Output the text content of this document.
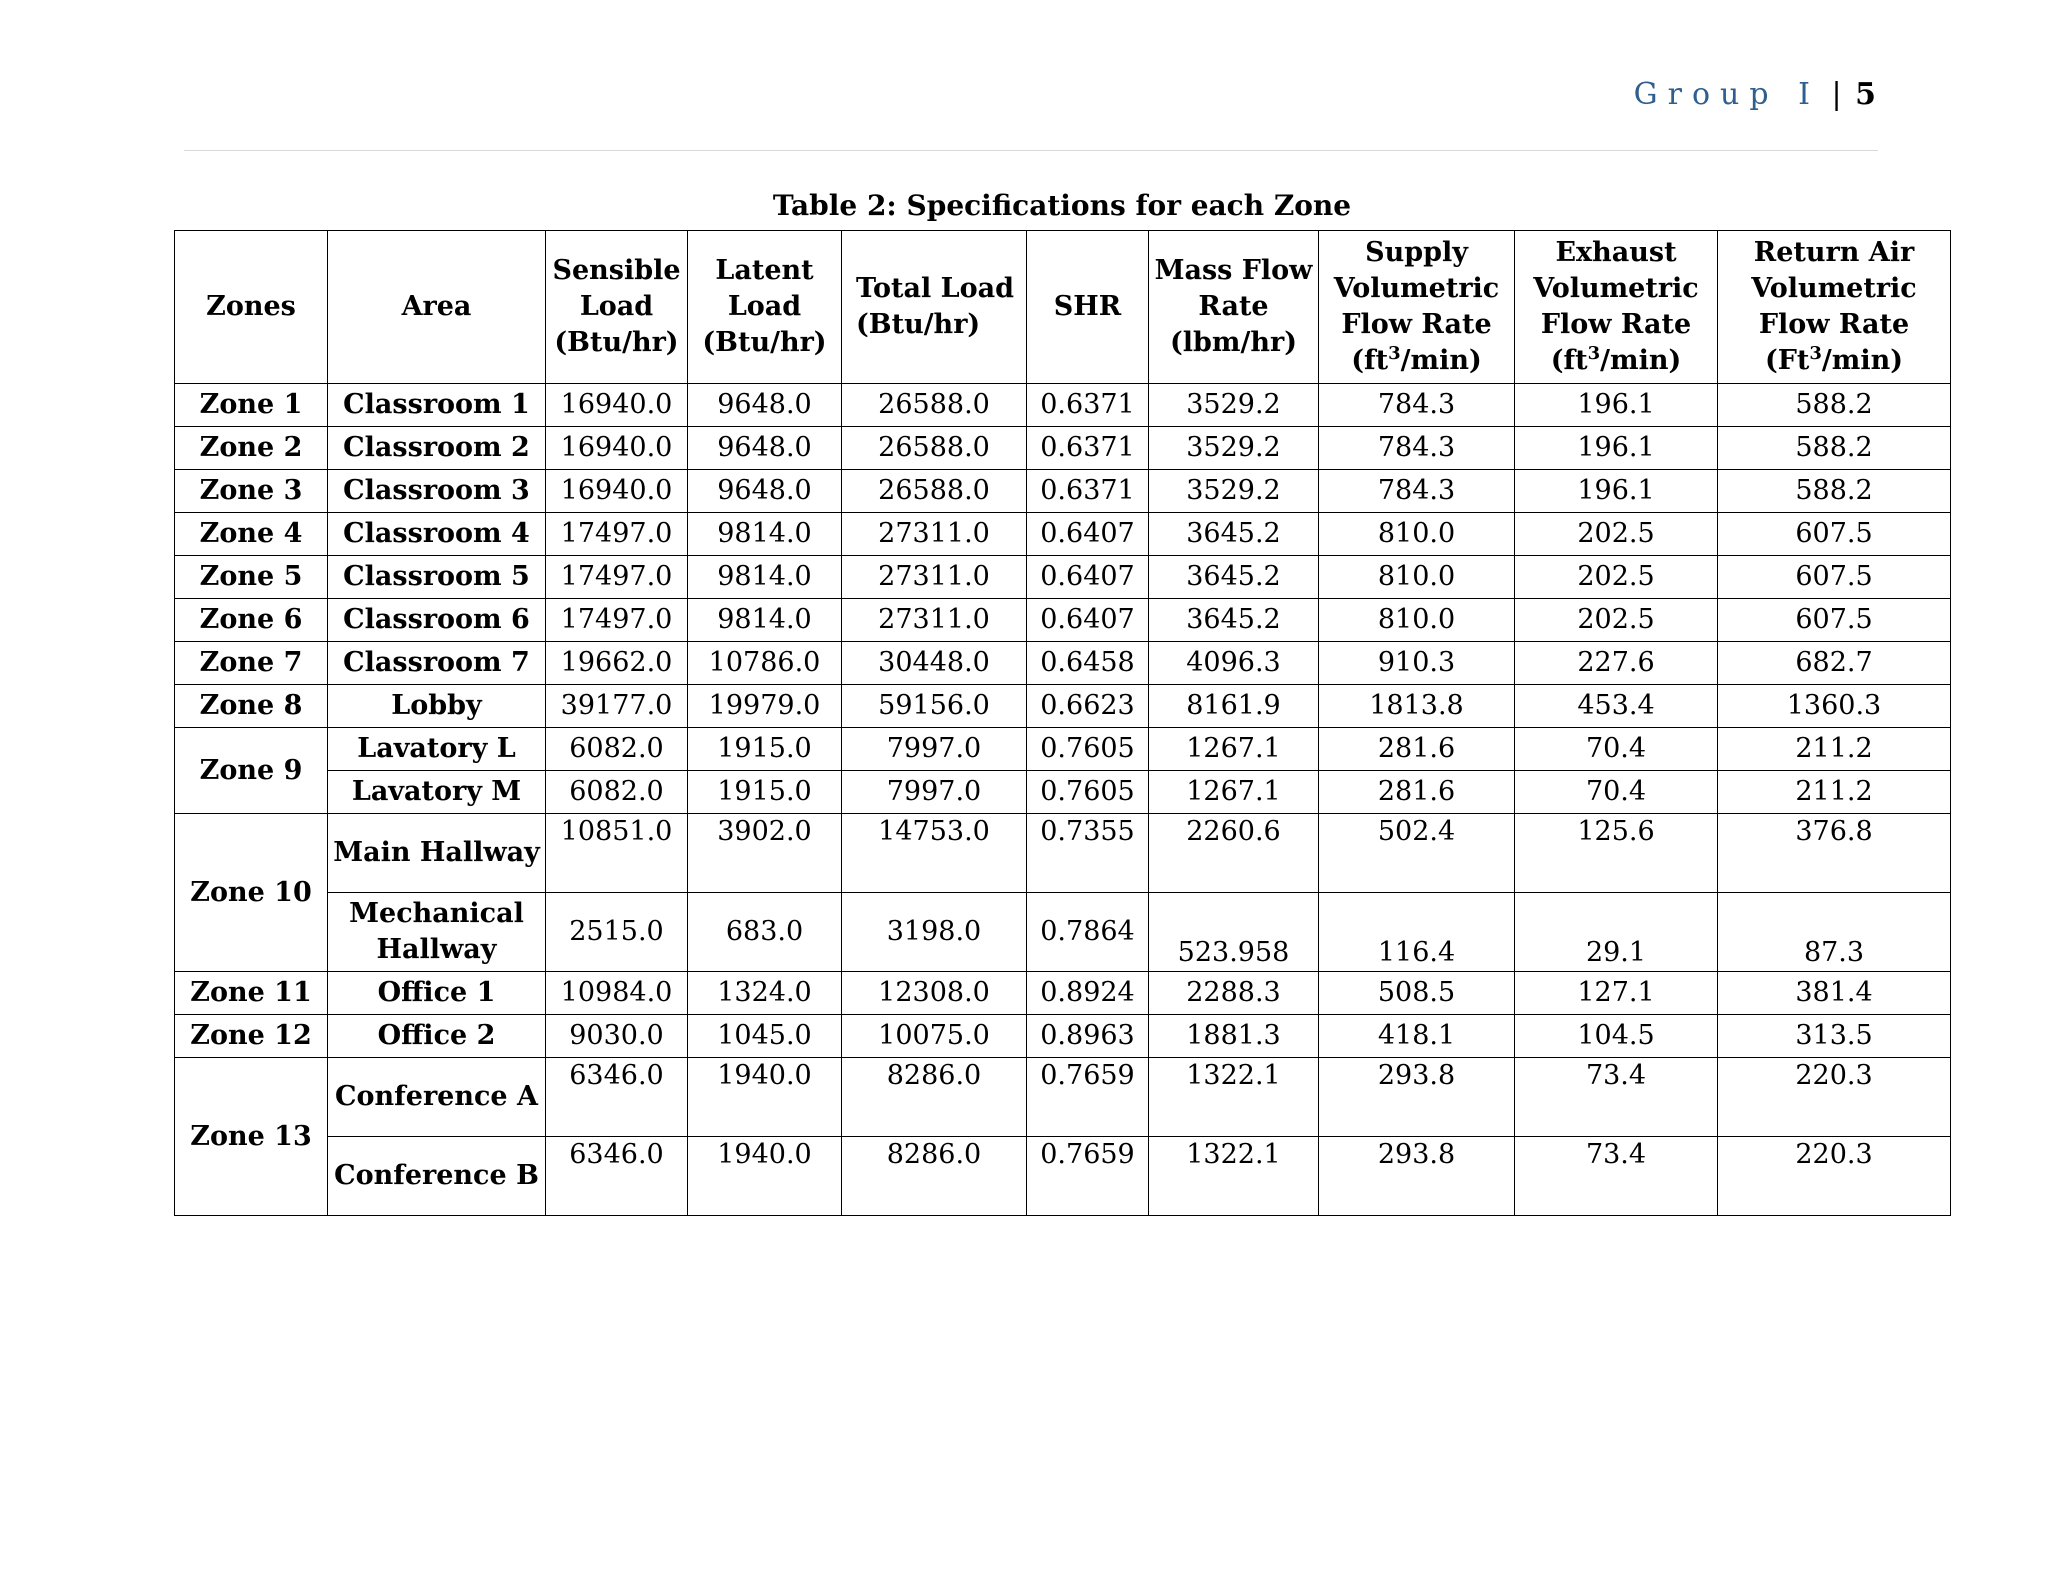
Group I | 5
Table 2: Specifications for each Zone
Zones	Area	Sensible
Load
(Btu/hr)	Latent
Load
(Btu/hr)	Total Load
(Btu/hr)	SHR	Mass Flow
Rate
(lbm/hr)	Supply
Volumetric
Flow Rate
$(ft^3/\min)$	Exhaust
Volumetric
Flow Rate
$(ft^3/\min)$	Return Air
Volumetric
Flow Rate
(Ft$^3$/min)
Zone 1	Classroom 1	16940.0	9648.0	26588.0	0.6371	3529.2	784.3	196.1	588.2
Zone 2	Classroom 2	16940.0	9648.0	26588.0	0.6371	3529.2	784.3	196.1	588.2
Zone 3	Classroom 3	16940.0	9648.0	26588.0	0.6371	3529.2	784.3	196.1	588.2
Zone 4	Classroom 4	17497.0	9814.0	27311.0	0.6407	3645.2	810.0	202.5	607.5
Zone 5	Classroom 5	17497.0	9814.0	27311.0	0.6407	3645.2	810.0	202.5	607.5
Zone 6	Classroom 6	17497.0	9814.0	27311.0	0.6407	3645.2	810.0	202.5	607.5
Zone 7	Classroom 7	19662.0	10786.0	30448.0	0.6458	4096.3	910.3	227.6	682.7
Zone 8	Lobby	39177.0	19979.0	59156.0	0.6623	8161.9	1813.8	453.4	1360.3
Zone 9	Lavatory L	6082.0	1915.0	7997.0	0.7605	1267.1	281.6	70.4	211.2
	Lavatory M	6082.0	1915.0	7997.0	0.7605	1267.1	281.6	70.4	211.2
Zone 10	Main Hallway	10851.0	3902.0	14753.0	0.7355	2260.6	502.4	125.6	376.8
	Mechanical Hallway	2515.0	683.0	3198.0	0.7864	523.958	116.4	29.1	87.3
Zone 11	Office 1	10984.0	1324.0	12308.0	0.8924	2288.3	508.5	127.1	381.4
Zone 12	Office 2	9030.0	1045.0	10075.0	0.8963	1881.3	418.1	104.5	313.5
Zone 13	Conference A	6346.0	1940.0	8286.0	0.7659	1322.1	293.8	73.4	220.3
	Conference B	6346.0	1940.0	8286.0	0.7659	1322.1	293.8	73.4	220.3
